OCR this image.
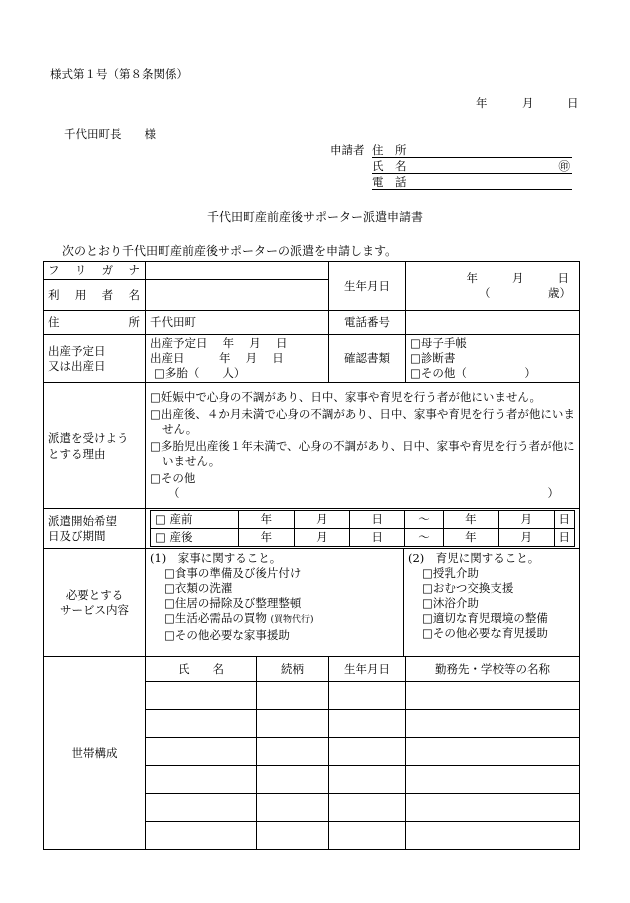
様式第１号（第８条関係）
年	月	日
千代田町長　　様
申請者 住　所
氏　名	㊞
電　話
千代田町産前産後サポーター派遣申請書
次のとおり千代田町産前産後サポーターの派遣を申請します。
フ リ ガ ナ
		生年月日	
年	月	日
（　　　　　歳）

利 用 者 名

住	所	千代田町	電話番号	

出産予定日
又は出産日

出産予定日　 年　 月　 日
出産日　　　年　 月　 日
□ 多胎（　　人）
	確認書類	
□ 母子手帳
□ 診断書
□ その他（　　　　　）

派遣を受けようとする理由

□ 妊娠中で心身の不調があり、日中、家事や育児を行う者が他にいません。
□ 出産後、４か月未満で心身の不調があり、日中、家事や育児を行う者が他にいません。
□ 多胎児出産後１年未満で、心身の不調があり、日中、家事や育児を行う者が他にいません。
□ その他
（	）

派遣開始希望
日及び期間

□ 産前	年	月	日	～	年	月	日
□ 産後	年	月	日	～	年	月	日

必要とする
サービス内容

(1)　家事に関すること。
□ 食事の準備及び後片付け
□ 衣類の洗濯
□ 住居の掃除及び整理整頓
□ 生活必需品の買物 (買物代行)
□ その他必要な家事援助

(2)　育児に関すること。
□ 授乳介助
□ おむつ交換支援
□ 沐浴介助
□ 適切な育児環境の整備
□ その他必要な育児援助

世帯構成	氏　　名	続柄	生年月日	勤務先・学校等の名称
